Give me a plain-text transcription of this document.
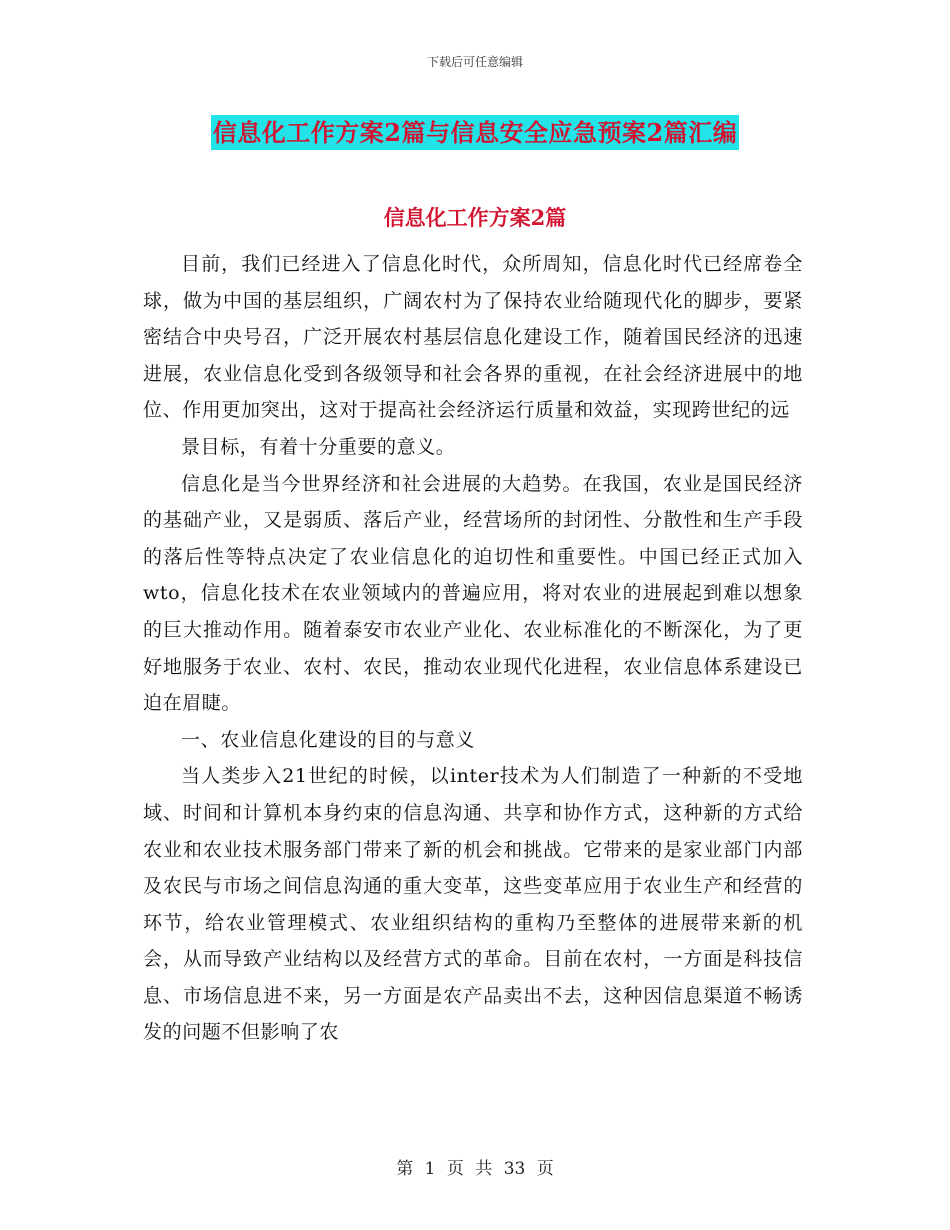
下载后可任意编辑
信息化工作方案2篇与信息安全应急预案2篇汇编
信息化工作方案2篇

目前，我们已经进入了信息化时代，众所周知，信息化时代已经席卷全球，做为中国的基层组织，广阔农村为了保持农业给随现代化的脚步，要紧密结合中央号召，广泛开展农村基层信息化建设工作，随着国民经济的迅速进展，农业信息化受到各级领导和社会各界的重视，在社会经济进展中的地位、作用更加突出，这对于提高社会经济运行质量和效益，实现跨世纪的远

景目标，有着十分重要的意义。

信息化是当今世界经济和社会进展的大趋势。在我国，农业是国民经济的基础产业，又是弱质、落后产业，经营场所的封闭性、分散性和生产手段的落后性等特点决定了农业信息化的迫切性和重要性。中国已经正式加入wto，信息化技术在农业领域内的普遍应用，将对农业的进展起到难以想象的巨大推动作用。随着泰安市农业产业化、农业标准化的不断深化，为了更好地服务于农业、农村、农民，推动农业现代化进程，农业信息体系建设已迫在眉睫。

一、农业信息化建设的目的与意义

当人类步入21世纪的时候，以inter技术为人们制造了一种新的不受地域、时间和计算机本身约束的信息沟通、共享和协作方式，这种新的方式给农业和农业技术服务部门带来了新的机会和挑战。它带来的是家业部门内部及农民与市场之间信息沟通的重大变革，这些变革应用于农业生产和经营的环节，给农业管理模式、农业组织结构的重构乃至整体的进展带来新的机会，从而导致产业结构以及经营方式的革命。目前在农村，一方面是科技信息、市场信息进不来，另一方面是农产品卖出不去，这种因信息渠道不畅诱发的问题不但影响了农

第 1 页 共 33 页
